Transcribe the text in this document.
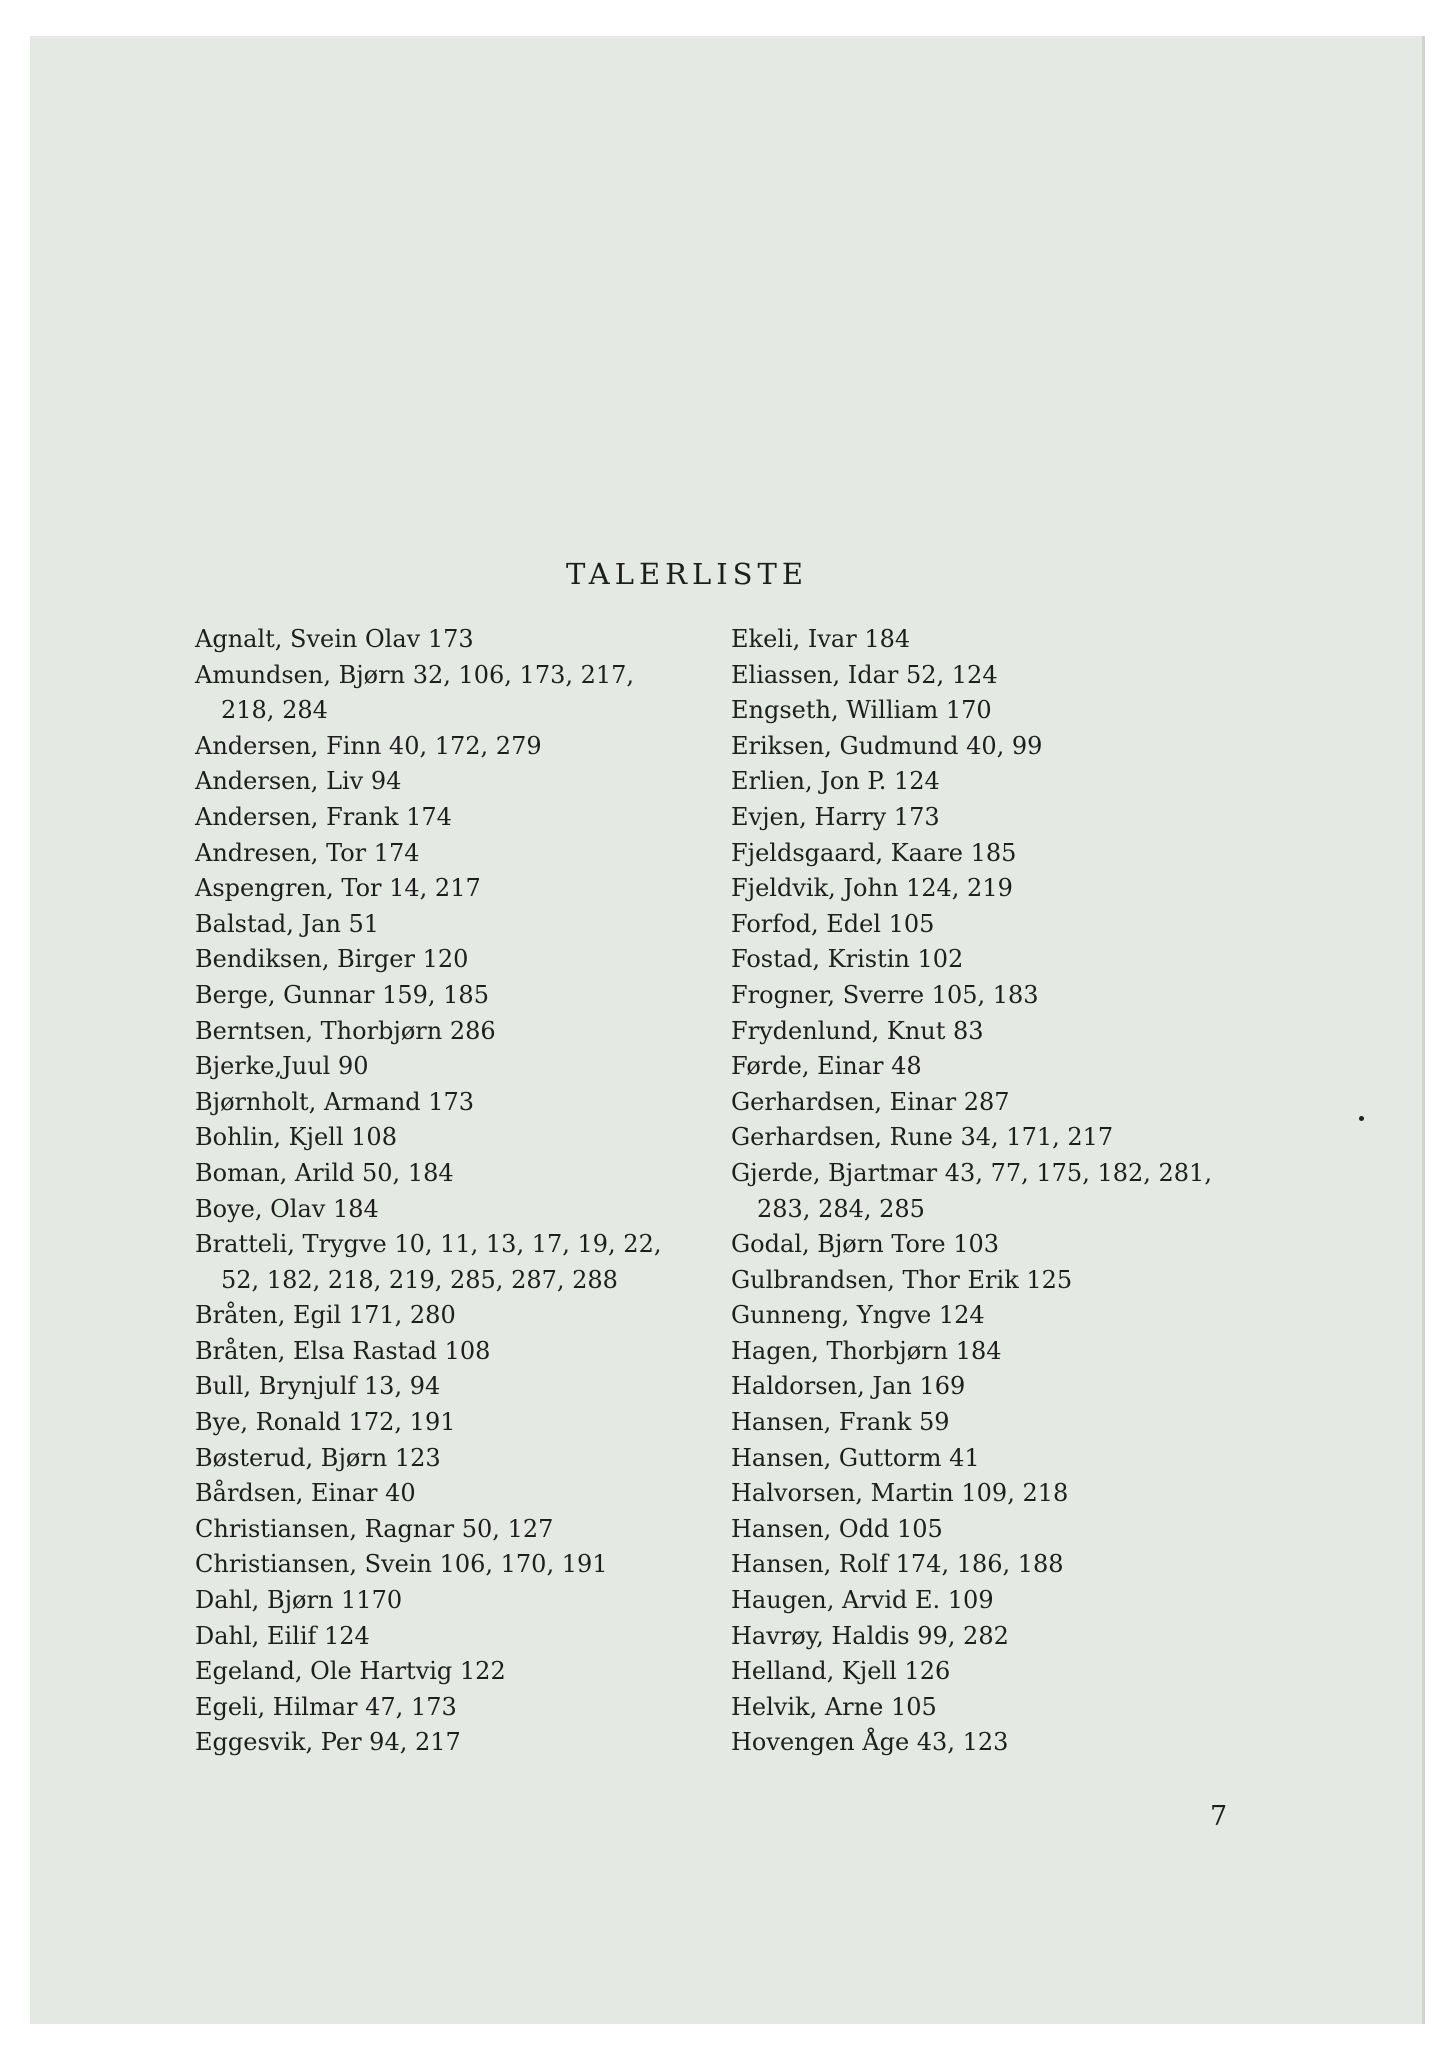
TALERLISTE
Agnalt, Svein Olav 173
Amundsen, Bjørn 32, 106, 173, 217,
218, 284
Andersen, Finn 40, 172, 279
Andersen, Liv 94
Andersen, Frank 174
Andresen, Tor 174
Aspengren, Tor 14, 217
Balstad, Jan 51
Bendiksen, Birger 120
Berge, Gunnar 159, 185
Berntsen, Thorbjørn 286
Bjerke,Juul 90
Bjørnholt, Armand 173
Bohlin, Kjell 108
Boman, Arild 50, 184
Boye, Olav 184
Bratteli, Trygve 10, 11, 13, 17, 19, 22,
52, 182, 218, 219, 285, 287, 288
Bråten, Egil 171, 280
Bråten, Elsa Rastad 108
Bull, Brynjulf 13, 94
Bye, Ronald 172, 191
Bøsterud, Bjørn 123
Bårdsen, Einar 40
Christiansen, Ragnar 50, 127
Christiansen, Svein 106, 170, 191
Dahl, Bjørn 1170
Dahl, Eilif 124
Egeland, Ole Hartvig 122
Egeli, Hilmar 47, 173
Eggesvik, Per 94, 217
Ekeli, Ivar 184
Eliassen, Idar 52, 124
Engseth, William 170
Eriksen, Gudmund 40, 99
Erlien, Jon P. 124
Evjen, Harry 173
Fjeldsgaard, Kaare 185
Fjeldvik, John 124, 219
Forfod, Edel 105
Fostad, Kristin 102
Frogner, Sverre 105, 183
Frydenlund, Knut 83
Førde, Einar 48
Gerhardsen, Einar 287
Gerhardsen, Rune 34, 171, 217
Gjerde, Bjartmar 43, 77, 175, 182, 281,
283, 284, 285
Godal, Bjørn Tore 103
Gulbrandsen, Thor Erik 125
Gunneng, Yngve 124
Hagen, Thorbjørn 184
Haldorsen, Jan 169
Hansen, Frank 59
Hansen, Guttorm 41
Halvorsen, Martin 109, 218
Hansen, Odd 105
Hansen, Rolf 174, 186, 188
Haugen, Arvid E. 109
Havrøy, Haldis 99, 282
Helland, Kjell 126
Helvik, Arne 105
Hovengen Åge 43, 123
7
